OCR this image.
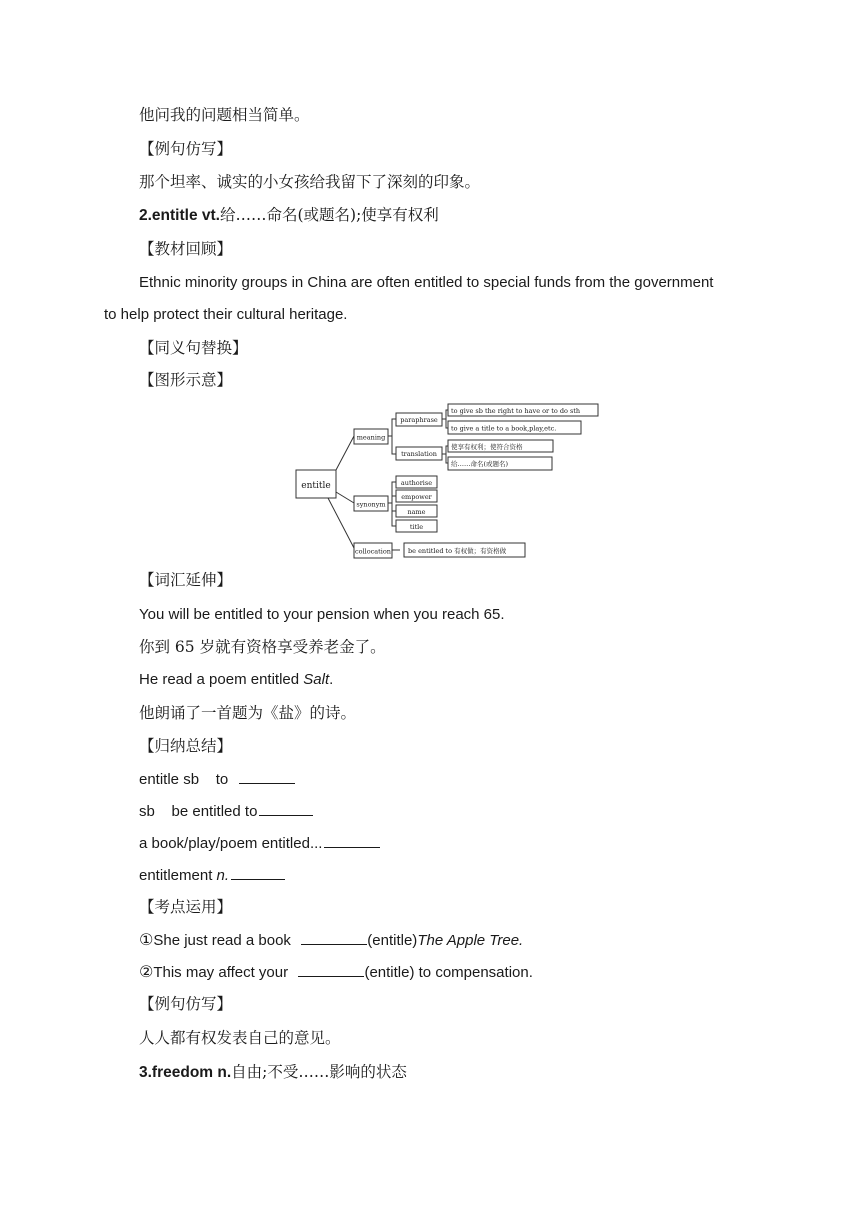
他问我的问题相当简单。
【例句仿写】
那个坦率、诚实的小女孩给我留下了深刻的印象。
2.entitle vt.给……命名(或题名);使享有权利
【教材回顾】
Ethnic minority groups in China are often entitled to special funds from the government
to help protect their cultural heritage.
【同义句替换】
【图形示意】
entitle
meaning
paraphrase
to give sb the right to have or to do sth
to give a title to a book,play,etc.
translation
使享有权利；使符合资格
给……命名(或题名)
synonym
authorise
empower
name
title
collocation	be entitled to 有权做；有资格做
【词汇延伸】
You will be entitled to your pension when you reach 65.
你到 65 岁就有资格享受养老金了。
He read a poem entitled Salt.
他朗诵了一首题为《盐》的诗。
【归纳总结】
entitle sb    to
sb    be entitled to
a book/play/poem entitled...
entitlement n.
【考点运用】
①She just read a book	(entitle)The Apple Tree.
②This may affect your	(entitle) to compensation.
【例句仿写】
人人都有权发表自己的意见。
3.freedom n.自由;不受……影响的状态
